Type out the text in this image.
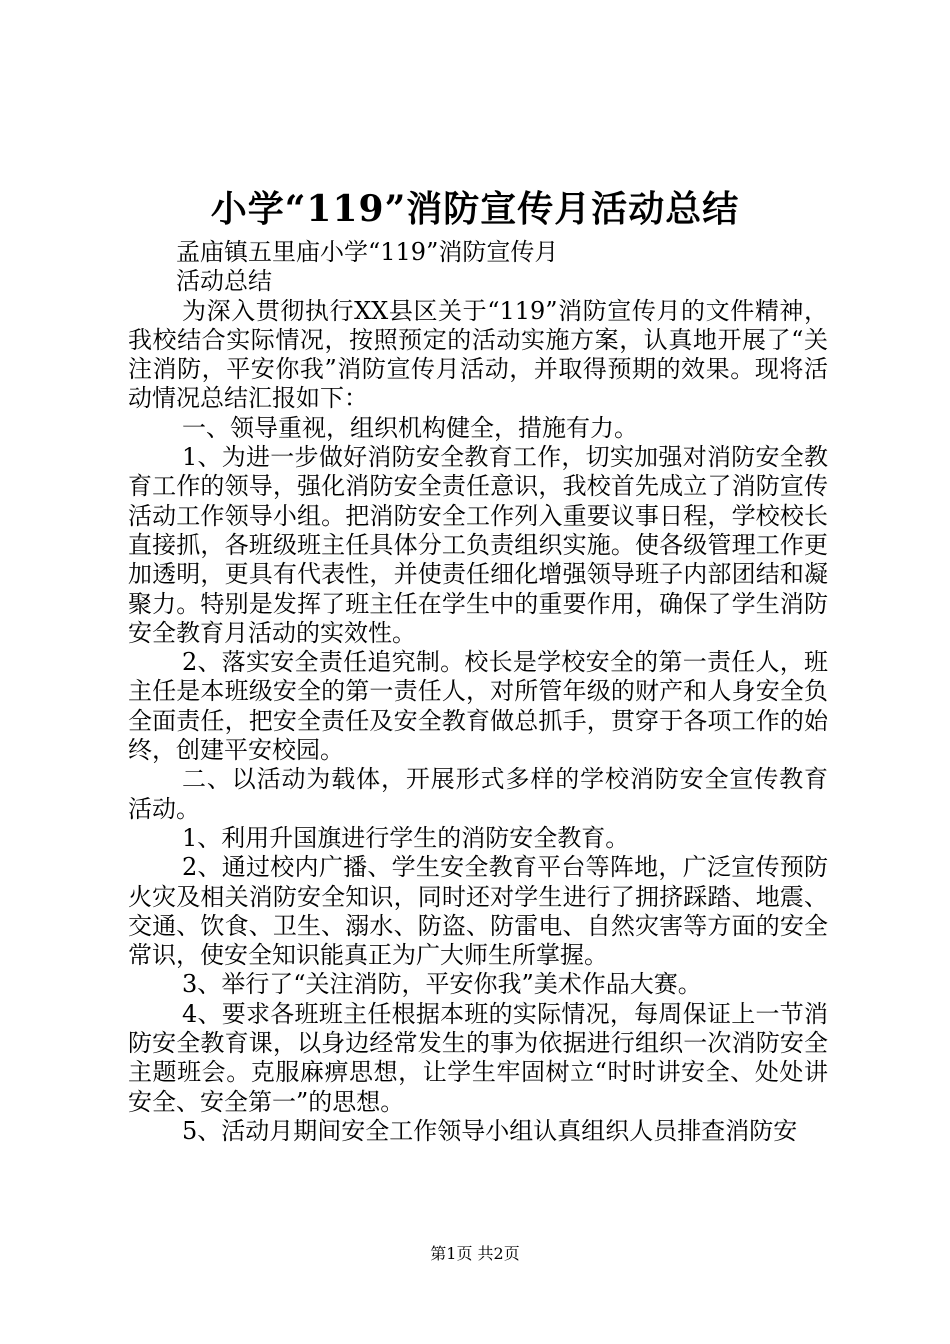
小学“119”消防宣传月活动总结

孟庙镇五里庙小学“119”消防宣传月

活动总结

为深入贯彻执行XX县区关于“119”消防宣传月的文件精神，我校结合实际情况，按照预定的活动实施方案，认真地开展了“关注消防，平安你我”消防宣传月活动，并取得预期的效果。现将活动情况总结汇报如下：

一、领导重视，组织机构健全，措施有力。

1、为进一步做好消防安全教育工作，切实加强对消防安全教育工作的领导，强化消防安全责任意识，我校首先成立了消防宣传活动工作领导小组。把消防安全工作列入重要议事日程，学校校长直接抓，各班级班主任具体分工负责组织实施。使各级管理工作更加透明，更具有代表性，并使责任细化增强领导班子内部团结和凝聚力。特别是发挥了班主任在学生中的重要作用，确保了学生消防安全教育月活动的实效性。

2、落实安全责任追究制。校长是学校安全的第一责任人，班主任是本班级安全的第一责任人，对所管年级的财产和人身安全负全面责任，把安全责任及安全教育做总抓手，贯穿于各项工作的始终，创建平安校园。

二、以活动为载体，开展形式多样的学校消防安全宣传教育活动。

1、利用升国旗进行学生的消防安全教育。

2、通过校内广播、学生安全教育平台等阵地，广泛宣传预防火灾及相关消防安全知识，同时还对学生进行了拥挤踩踏、地震、交通、饮食、卫生、溺水、防盗、防雷电、自然灾害等方面的安全常识，使安全知识能真正为广大师生所掌握。

3、举行了“关注消防，平安你我”美术作品大赛。

4、要求各班班主任根据本班的实际情况，每周保证上一节消防安全教育课，以身边经常发生的事为依据进行组织一次消防安全主题班会。克服麻痹思想，让学生牢固树立“时时讲安全、处处讲安全、安全第一”的思想。

5、活动月期间安全工作领导小组认真组织人员排查消防安

第1页 共2页
